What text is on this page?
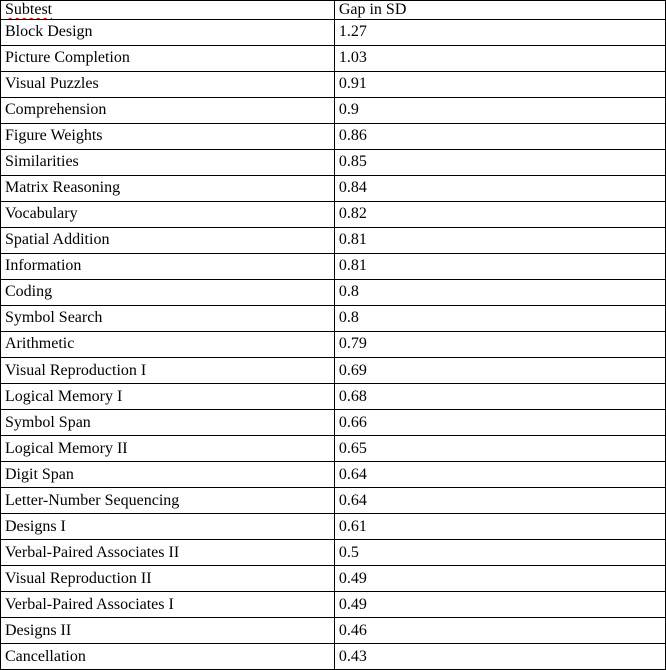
Subtest	Gap in SD
Block Design	1.27
Picture Completion	1.03
Visual Puzzles	0.91
Comprehension	0.9
Figure Weights	0.86
Similarities	0.85
Matrix Reasoning	0.84
Vocabulary	0.82
Spatial Addition	0.81
Information	0.81
Coding	0.8
Symbol Search	0.8
Arithmetic	0.79
Visual Reproduction I	0.69
Logical Memory I	0.68
Symbol Span	0.66
Logical Memory II	0.65
Digit Span	0.64
Letter-Number Sequencing	0.64
Designs I	0.61
Verbal-Paired Associates II	0.5
Visual Reproduction II	0.49
Verbal-Paired Associates I	0.49
Designs II	0.46
Cancellation	0.43
